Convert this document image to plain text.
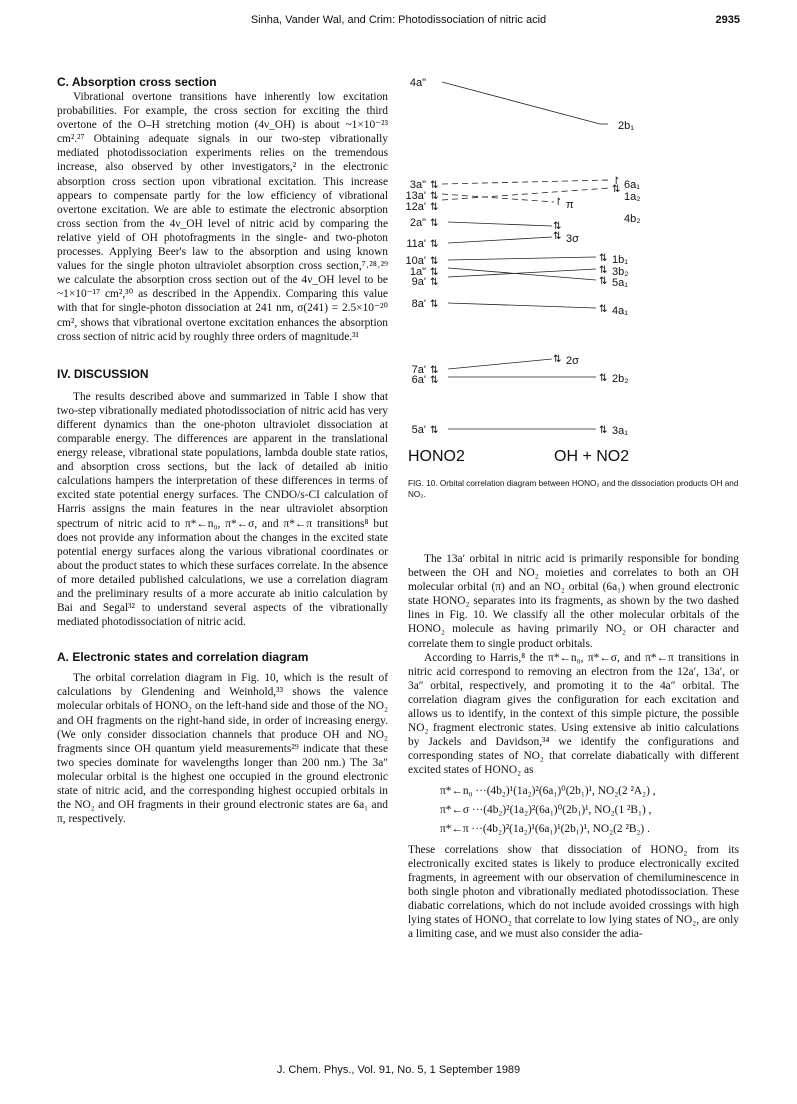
Sinha, Vander Wal, and Crim: Photodissociation of nitric acid	2935
C. Absorption cross section

Vibrational overtone transitions have inherently low excitation probabilities. For example, the cross section for exciting the third overtone of the O–H stretching motion (4ν_OH) is about ~1×10⁻²³ cm².²⁷ Obtaining adequate signals in our two-step vibrationally mediated photodissociation experiments relies on the tremendous increase, also observed by other investigators,² in the electronic absorption cross section upon vibrational excitation. This increase appears to compensate partly for the low efficiency of vibrational overtone excitation. We are able to estimate the electronic absorption cross section from the 4ν_OH level of nitric acid by comparing the relative yield of OH photofragments in the single- and two-photon processes. Applying Beer's law to the absorption and using known values for the single photon ultraviolet absorption cross section,⁷˒²⁸˒²⁹ we calculate the absorption cross section out of the 4ν_OH level to be ~1×10⁻¹⁷ cm²,³⁰ as described in the Appendix. Comparing this value with that for single-photon dissociation at 241 nm, σ(241) = 2.5×10⁻²⁰ cm², shows that vibrational overtone excitation enhances the absorption cross section of nitric acid by roughly three orders of magnitude.³¹

IV. DISCUSSION

The results described above and summarized in Table I show that two-step vibrationally mediated photodissociation of nitric acid has very different dynamics than the one-photon ultraviolet dissociation at comparable energy. The differences are apparent in the translational energy release, vibrational state populations, lambda double state ratios, and absorption cross sections, but the lack of detailed ab initio calculations hampers the interpretation of these differences in terms of excited state potential energy surfaces. The CNDO/s-CI calculation of Harris assigns the main features in the near ultraviolet absorption spectrum of nitric acid to π*←n₀, π*←σ, and π*←π transitions⁸ but does not provide any information about the changes in the excited state potential energy surfaces along the various vibrational coordinates or about the product states to which these surfaces correlate. In the absence of more detailed published calculations, we use a correlation diagram and the preliminary results of a more accurate ab initio calculation by Bai and Segal³² to understand several aspects of the vibrationally mediated photodissociation of nitric acid.

A. Electronic states and correlation diagram

The orbital correlation diagram in Fig. 10, which is the result of calculations by Glendening and Weinhold,³³ shows the valence molecular orbitals of HONO₂ on the left-hand side and those of the NO₂ and OH fragments on the right-hand side, in order of increasing energy. (We only consider dissociation channels that produce OH and NO₂ fragments since OH quantum yield measurements²⁹ indicate that these two species dominate for wavelengths longer than 200 nm.) The 3a″ molecular orbital is the highest one occupied in the ground electronic state of nitric acid, and the corresponding highest occupied orbitals in the NO₂ and OH fragments in their ground electronic states are 6a₁ and π, respectively.

4a"
3a"
13a'
12a'
2a"
11a'
10a'
1a"
9a'
8a'
7a'
6a'
5a'
⇅
⇅
⇅
⇅
⇅
⇅
⇅
⇅
⇅
⇅
⇅
⇅
↾
⇅
↾
⇅
⇅
⇅
⇅
⇅
⇅
⇅
⇅
⇅
2b₁
6a₁
1a₂
4b₂
π
3σ
1b₁
3b₂
5a₁
4a₁
2σ
2b₂
3a₁
HONO2	OH + NO2
FIG. 10. Orbital correlation diagram between HONO₂ and the dissociation products OH and NO₂.

The 13a′ orbital in nitric acid is primarily responsible for bonding between the OH and NO₂ moieties and correlates to both an OH molecular orbital (π) and an NO₂ orbital (6a₁) when ground electronic state HONO₂ separates into its fragments, as shown by the two dashed lines in Fig. 10. We classify all the other molecular orbitals of the HONO₂ molecule as having primarily NO₂ or OH character and correlate them to single product orbitals.

According to Harris,⁸ the π*←n₀, π*←σ, and π*←π transitions in nitric acid correspond to removing an electron from the 12a′, 13a′, or 3a″ orbital, respectively, and promoting it to the 4a″ orbital. The correlation diagram gives the configuration for each excitation and allows us to identify, in the context of this simple picture, the possible NO₂ fragment electronic states. Using extensive ab initio calculations by Jackels and Davidson,³⁴ we identify the configurations and corresponding states of NO₂ that correlate diabatically with different excited states of HONO₂ as

π*←n₀ ···(4b₂)¹(1a₂)²(6a₁)⁰(2b₁)¹, NO₂(2 ²A₂) ,
π*←σ ···(4b₂)²(1a₂)²(6a₁)⁰(2b₁)¹, NO₂(1 ²B₁) ,
π*←π ···(4b₂)²(1a₂)¹(6a₁)¹(2b₁)¹, NO₂(2 ²B₂) .

These correlations show that dissociation of HONO₂ from its electronically excited states is likely to produce electronically excited fragments, in agreement with our observation of chemiluminescence in both single photon and vibrationally mediated photodissociation. These diabatic correlations, which do not include avoided crossings with high lying states of HONO₂ that correlate to low lying states of NO₂, are only a limiting case, and we must also consider the adia-

J. Chem. Phys., Vol. 91, No. 5, 1 September 1989
